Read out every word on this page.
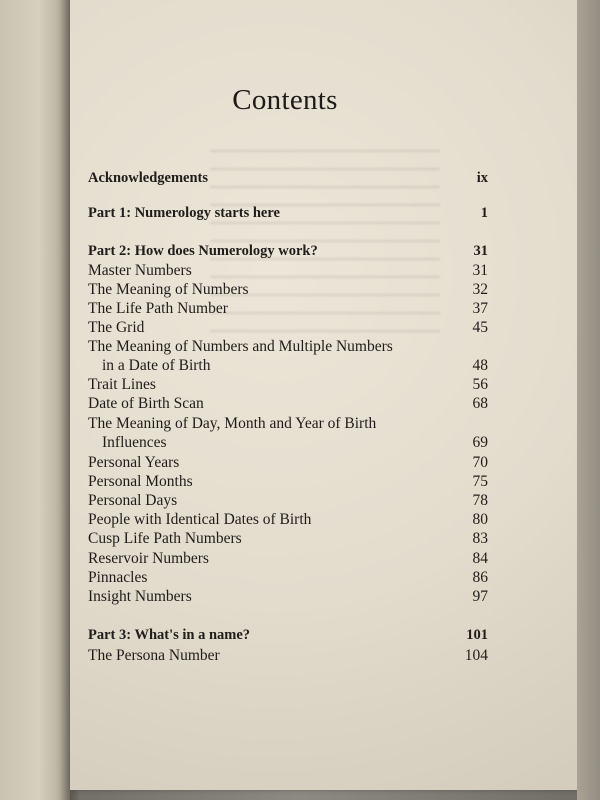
Contents
Acknowledgements	ix
Part 1: Numerology starts here	1
Part 2: How does Numerology work?	31
Master Numbers	31
The Meaning of Numbers	32
The Life Path Number	37
The Grid	45
The Meaning of Numbers and Multiple Numbers
in a Date of Birth	48
Trait Lines	56
Date of Birth Scan	68
The Meaning of Day, Month and Year of Birth
Influences	69
Personal Years	70
Personal Months	75
Personal Days	78
People with Identical Dates of Birth	80
Cusp Life Path Numbers	83
Reservoir Numbers	84
Pinnacles	86
Insight Numbers	97
Part 3: What's in a name?	101
The Persona Number	104
